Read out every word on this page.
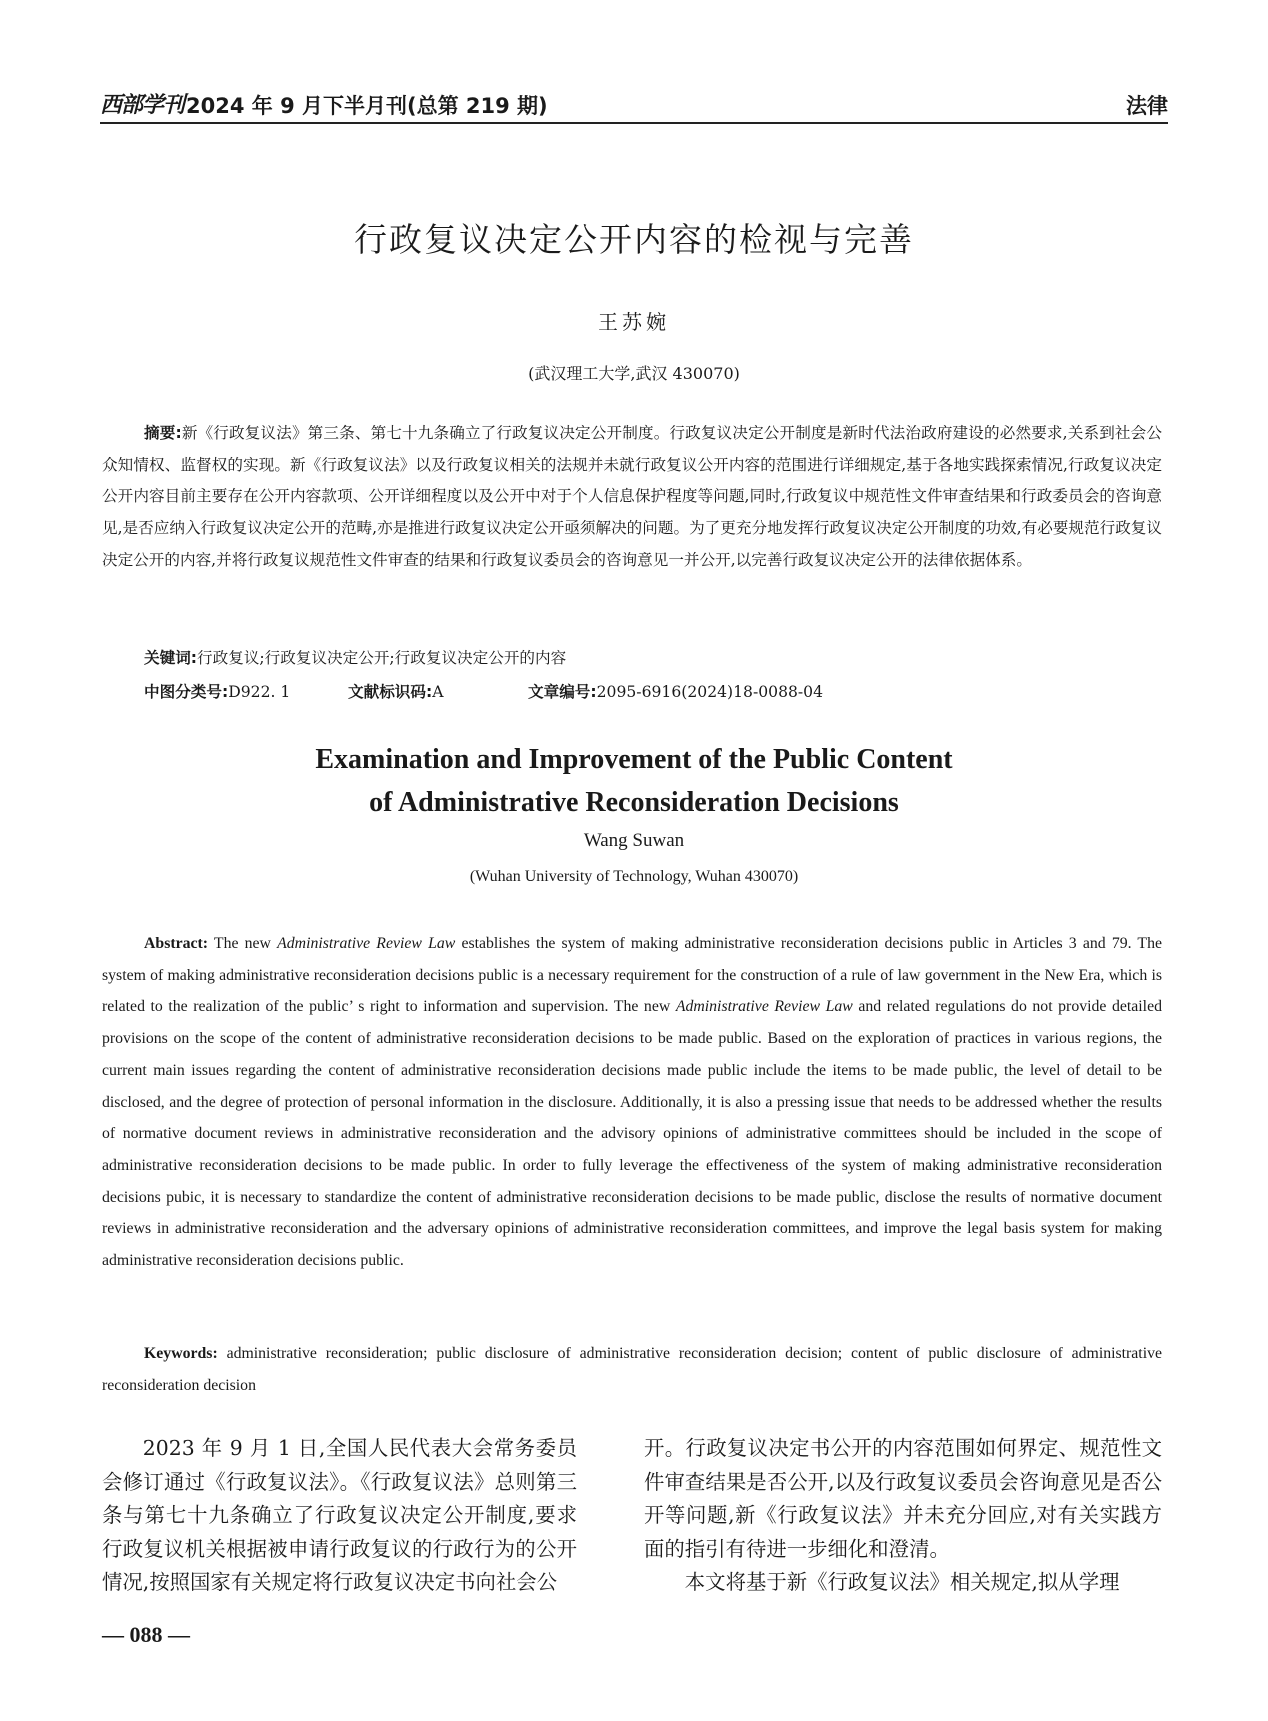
西部学刊 2024 年 9 月下半月刊(总第 219 期)	法律
行政复议决定公开内容的检视与完善
王苏婉
(武汉理工大学,武汉 430070)
摘要:新《行政复议法》第三条、第七十九条确立了行政复议决定公开制度。行政复议决定公开制度是新时代法治政府建设的必然要求,关系到社会公众知情权、监督权的实现。新《行政复议法》以及行政复议相关的法规并未就行政复议公开内容的范围进行详细规定,基于各地实践探索情况,行政复议决定公开内容目前主要存在公开内容款项、公开详细程度以及公开中对于个人信息保护程度等问题,同时,行政复议中规范性文件审查结果和行政委员会的咨询意见,是否应纳入行政复议决定公开的范畴,亦是推进行政复议决定公开亟须解决的问题。为了更充分地发挥行政复议决定公开制度的功效,有必要规范行政复议决定公开的内容,并将行政复议规范性文件审查的结果和行政复议委员会的咨询意见一并公开,以完善行政复议决定公开的法律依据体系。
关键词:行政复议;行政复议决定公开;行政复议决定公开的内容
中图分类号:D922. 1	文献标识码:A	文章编号:2095-6916(2024)18-0088-04
Examination and Improvement of the Public Content
of Administrative Reconsideration Decisions
Wang Suwan
(Wuhan University of Technology, Wuhan 430070)
Abstract: The new Administrative Review Law establishes the system of making administrative reconsideration decisions public in Articles 3 and 79. The system of making administrative reconsideration decisions public is a necessary requirement for the construction of a rule of law government in the New Era, which is related to the realization of the public’ s right to information and supervision. The new Administrative Review Law and related regulations do not provide detailed provisions on the scope of the content of administrative reconsideration decisions to be made public. Based on the exploration of practices in various regions, the current main issues regarding the content of administrative reconsideration decisions made public include the items to be made public, the level of detail to be disclosed, and the degree of protection of personal information in the disclosure. Additionally, it is also a pressing issue that needs to be addressed whether the results of normative document reviews in administrative reconsideration and the advisory opinions of administrative committees should be included in the scope of administrative reconsideration decisions to be made public. In order to fully leverage the effectiveness of the system of making administrative reconsideration decisions pubic, it is necessary to standardize the content of administrative reconsideration decisions to be made public, disclose the results of normative document reviews in administrative reconsideration and the adversary opinions of administrative reconsideration committees, and improve the legal basis system for making administrative reconsideration decisions public.
Keywords: administrative reconsideration; public disclosure of administrative reconsideration decision; content of public disclosure of administrative reconsideration decision

2023 年 9 月 1 日,全国人民代表大会常务委员会修订通过《行政复议法》。《行政复议法》总则第三条与第七十九条确立了行政复议决定公开制度,要求行政复议机关根据被申请行政复议的行政行为的公开情况,按照国家有关规定将行政复议决定书向社会公

开。行政复议决定书公开的内容范围如何界定、规范性文件审查结果是否公开,以及行政复议委员会咨询意见是否公开等问题,新《行政复议法》并未充分回应,对有关实践方面的指引有待进一步细化和澄清。

本文将基于新《行政复议法》相关规定,拟从学理

— 088 —
